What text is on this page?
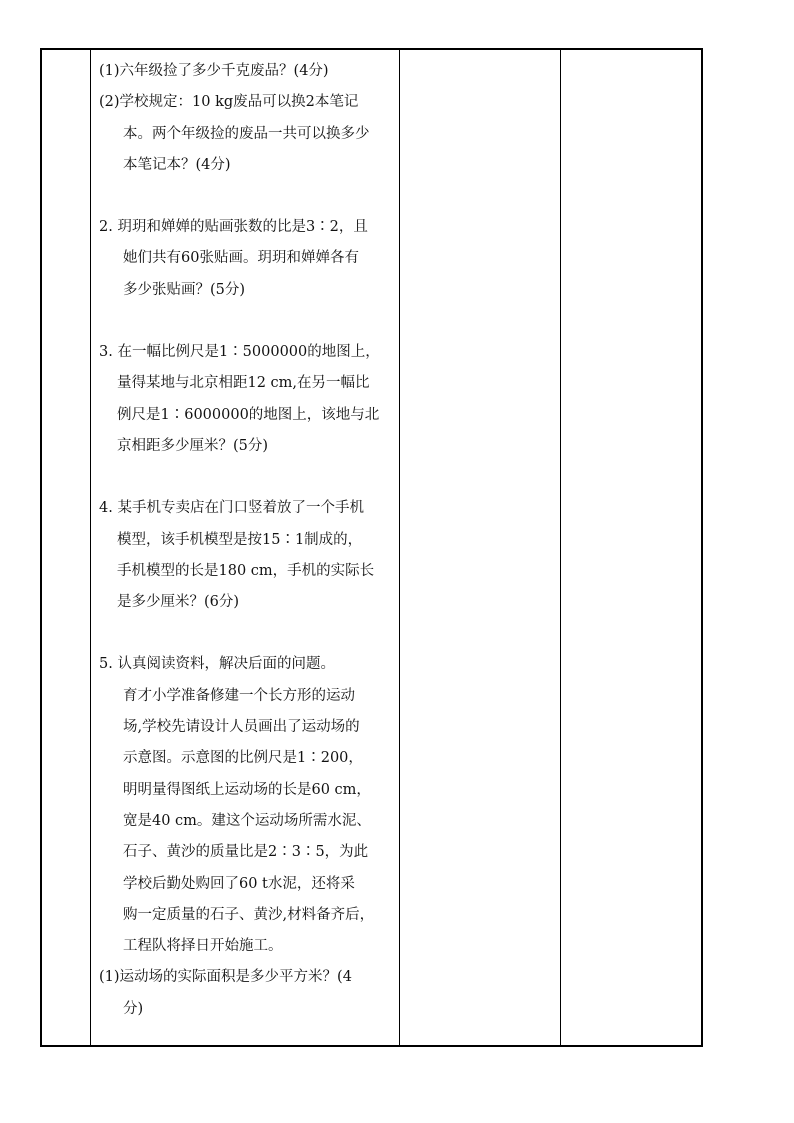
(1)六年级捡了多少千克废品？(4分)
(2)学校规定：10 kg废品可以换2本笔记
本。两个年级捡的废品一共可以换多少
本笔记本？(4分)
2. 玥玥和婵婵的贴画张数的比是3∶2，且
她们共有60张贴画。玥玥和婵婵各有
多少张贴画？(5分)
3. 在一幅比例尺是1∶5000000的地图上，
量得某地与北京相距12 cm,在另一幅比
例尺是1∶6000000的地图上，该地与北
京相距多少厘米？(5分)
4. 某手机专卖店在门口竖着放了一个手机
模型，该手机模型是按15∶1制成的，
手机模型的长是180 cm，手机的实际长
是多少厘米？(6分)
5. 认真阅读资料，解决后面的问题。
育才小学准备修建一个长方形的运动
场,学校先请设计人员画出了运动场的
示意图。示意图的比例尺是1∶200，
明明量得图纸上运动场的长是60 cm，
宽是40 cm。建这个运动场所需水泥、
石子、黄沙的质量比是2∶3∶5，为此
学校后勤处购回了60 t水泥，还将采
购一定质量的石子、黄沙,材料备齐后，
工程队将择日开始施工。
(1)运动场的实际面积是多少平方米？(4
分)
